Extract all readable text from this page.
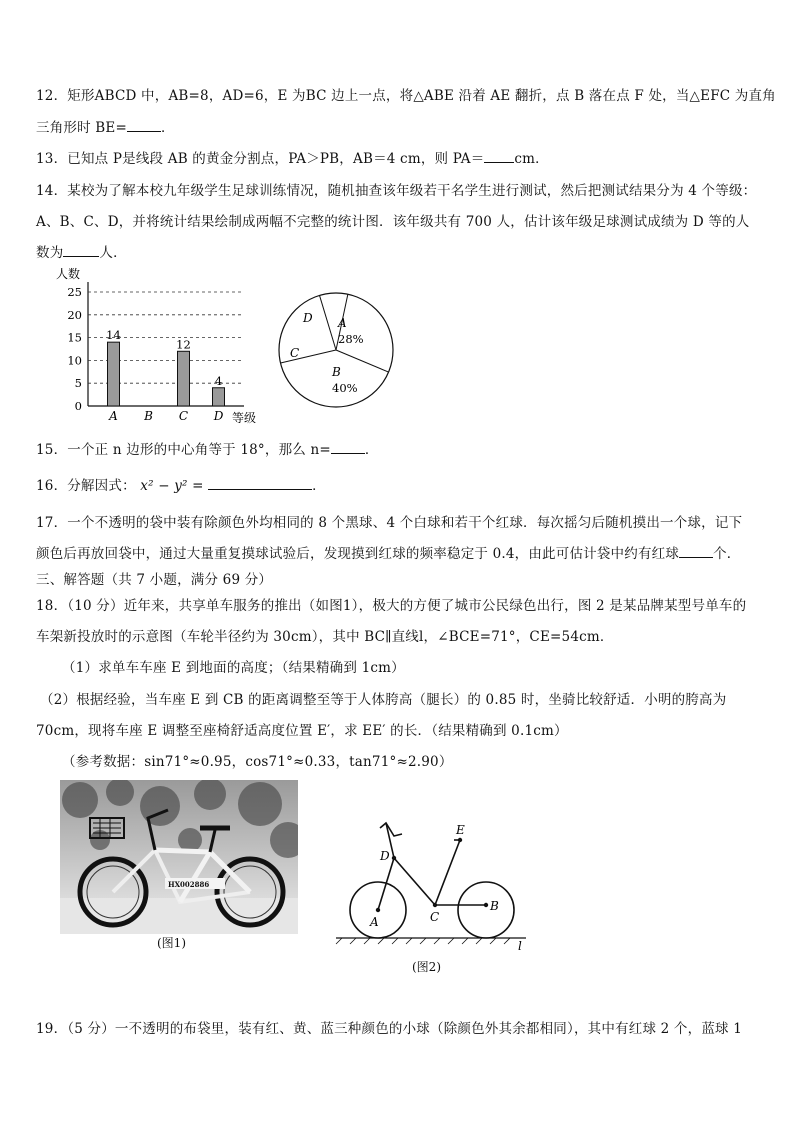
12．矩形ABCD 中，AB=8，AD=6，E 为BC 边上一点，将△ABE 沿着 AE 翻折，点 B 落在点 F 处，当△EFC 为直角
三角形时 BE=	．
13．已知点 P是线段 AB 的黄金分割点，PA＞PB，AB＝4 cm，则 PA＝ cm．
14．某校为了解本校九年级学生足球训练情况，随机抽查该年级若干名学生进行测试，然后把测试结果分为 4 个等级：
A、B、C、D，并将统计结果绘制成两幅不完整的统计图．该年级共有 700 人，估计该年级足球测试成绩为 D 等的人
数为	人．
人数
0
5
10
15
20
25
14
12
4
A B C D 等级
A
28%
B
40%
C
D
15．一个正 n 边形的中心角等于 18°，那么 n=	．
16．分解因式： x² − y² =	．
17．一个不透明的袋中装有除颜色外均相同的 8 个黑球、4 个白球和若干个红球．每次摇匀后随机摸出一个球，记下
颜色后再放回袋中，通过大量重复摸球试验后，发现摸到红球的频率稳定于 0.4，由此可估计袋中约有红球	个．
三、解答题（共 7 小题，满分 69 分）
18．（10 分）近年来，共享单车服务的推出（如图1），极大的方便了城市公民绿色出行，图 2 是某品牌某型号单车的
车架新投放时的示意图（车轮半径约为 30cm），其中 BC∥直线l，∠BCE=71°，CE=54cm．
（1）求单车车座 E 到地面的高度；（结果精确到 1cm）
（2）根据经验，当车座 E 到 CB 的距离调整至等于人体胯高（腿长）的 0.85 时，坐骑比较舒适．小明的胯高为
70cm，现将车座 E 调整至座椅舒适高度位置 E′，求 EE′ 的长．（结果精确到 0.1cm）
（参考数据：sin71°≈0.95，cos71°≈0.33，tan71°≈2.90）
HX002886
(图1)
A
B
C
D
E
l
(图2)
19．（5 分）一不透明的布袋里，装有红、黄、蓝三种颜色的小球（除颜色外其余都相同），其中有红球 2 个，蓝球 1
